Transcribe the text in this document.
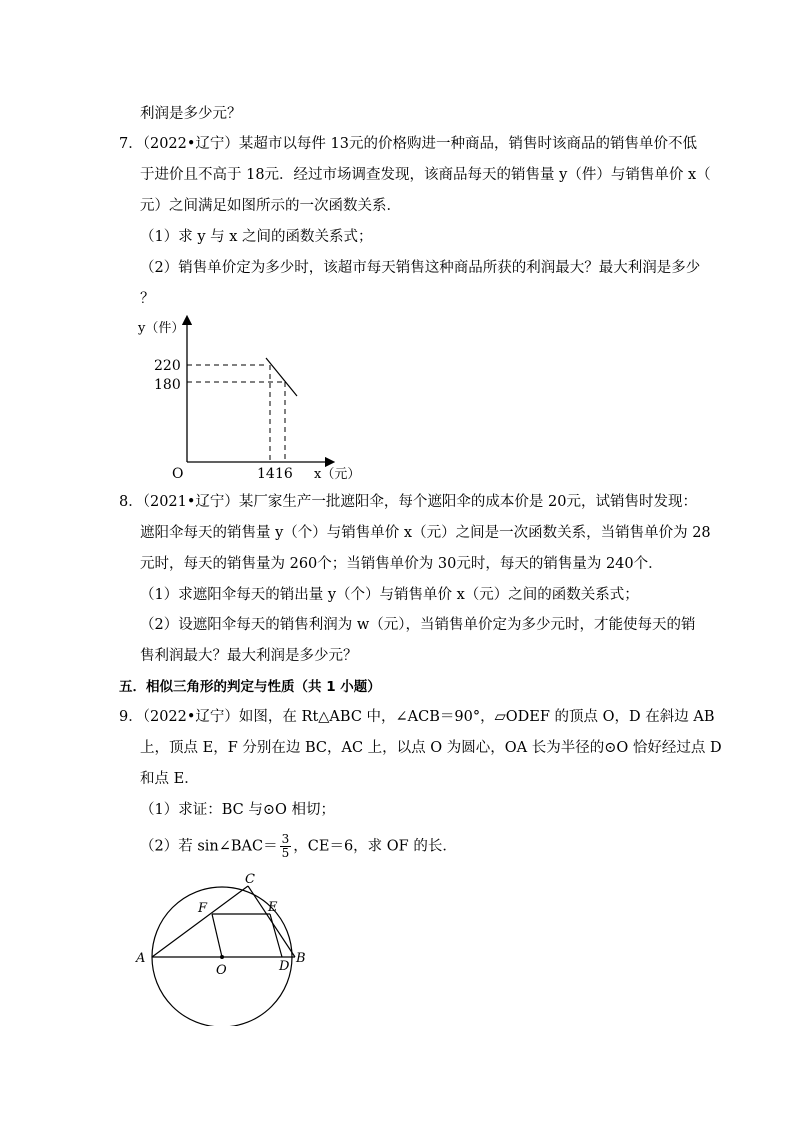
利润是多少元？
7．（2022•辽宁）某超市以每件 13元的价格购进一种商品，销售时该商品的销售单价不低
于进价且不高于 18元．经过市场调查发现，该商品每天的销售量 y（件）与销售单价 x（
元）之间满足如图所示的一次函数关系．
（1）求 y 与 x 之间的函数关系式；
（2）销售单价定为多少时，该超市每天销售这种商品所获的利润最大？最大利润是多少
？
y（件）
220
180
O	14 16 x（元）
8．（2021•辽宁）某厂家生产一批遮阳伞，每个遮阳伞的成本价是 20元，试销售时发现：
遮阳伞每天的销售量 y（个）与销售单价 x（元）之间是一次函数关系，当销售单价为 28
元时，每天的销售量为 260个；当销售单价为 30元时，每天的销售量为 240个．
（1）求遮阳伞每天的销出量 y（个）与销售单价 x（元）之间的函数关系式；
（2）设遮阳伞每天的销售利润为 w（元），当销售单价定为多少元时，才能使每天的销
售利润最大？最大利润是多少元？
五．相似三角形的判定与性质（共 1 小题）
9．（2022•辽宁）如图，在 Rt△ABC 中，∠ACB＝90°，▱ODEF 的顶点 O，D 在斜边 AB
上，顶点 E，F 分别在边 BC，AC 上，以点 O 为圆心，OA 长为半径的⊙O 恰好经过点 D
和点 E．
（1）求证：BC 与⊙O 相切；
（2）若 sin∠BAC＝ $\frac{3}{5}$ ，CE＝6，求 OF 的长．
A	B
C
D
E
F
O
